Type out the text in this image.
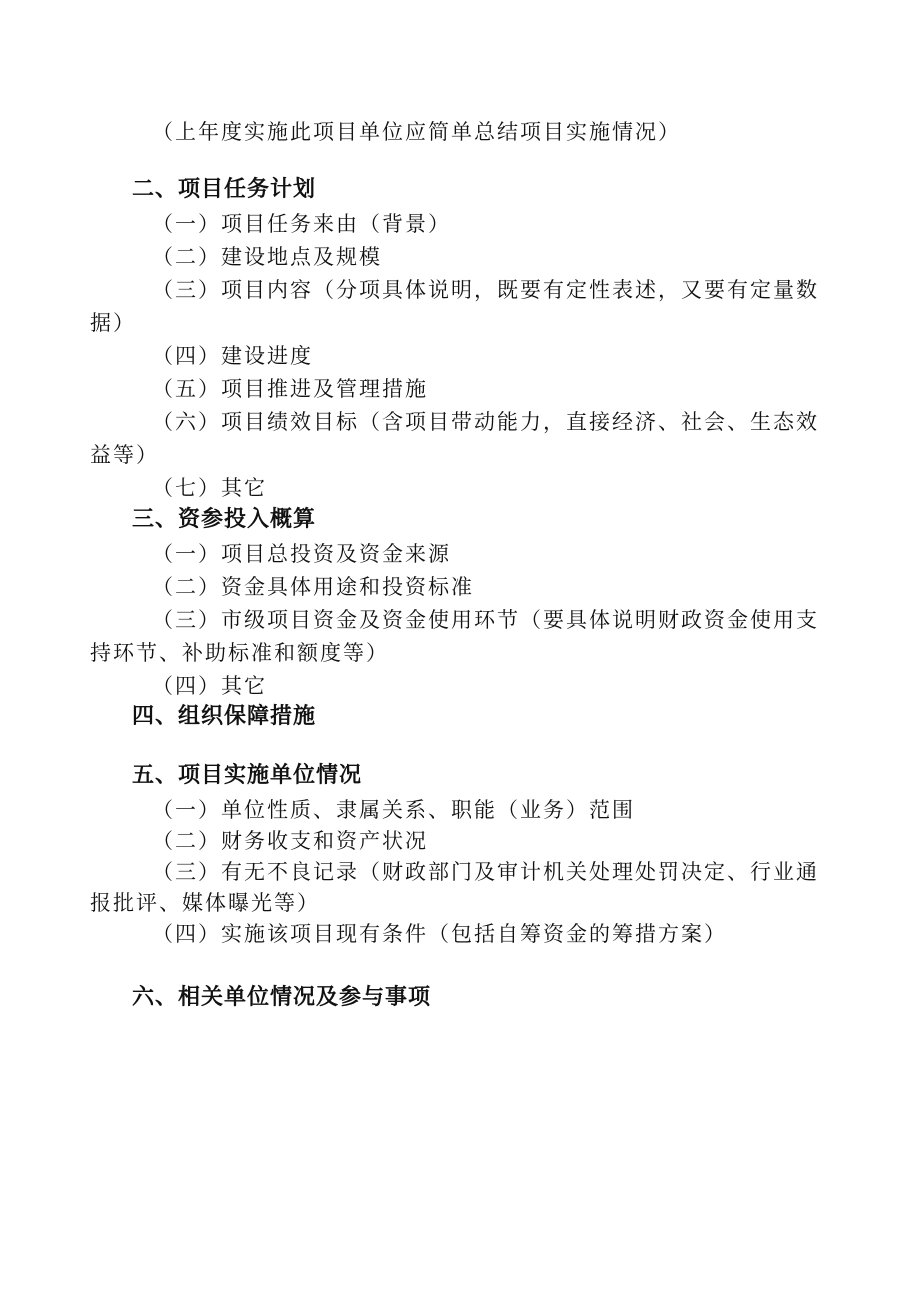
（上年度实施此项目单位应简单总结项目实施情况）
二、项目任务计划
（一）项目任务来由（背景）
（二）建设地点及规模
（三）项目内容（分项具体说明，既要有定性表述，又要有定量数
据）
（四）建设进度
（五）项目推进及管理措施
（六）项目绩效目标（含项目带动能力，直接经济、社会、生态效
益等）
（七）其它
三、资参投入概算
（一）项目总投资及资金来源
（二）资金具体用途和投资标准
（三）市级项目资金及资金使用环节（要具体说明财政资金使用支
持环节、补助标准和额度等）
（四）其它
四、组织保障措施
五、项目实施单位情况
（一）单位性质、隶属关系、职能（业务）范围
（二）财务收支和资产状况
（三）有无不良记录（财政部门及审计机关处理处罚决定、行业通
报批评、媒体曝光等）
（四）实施该项目现有条件（包括自筹资金的筹措方案）
六、相关单位情况及参与事项
